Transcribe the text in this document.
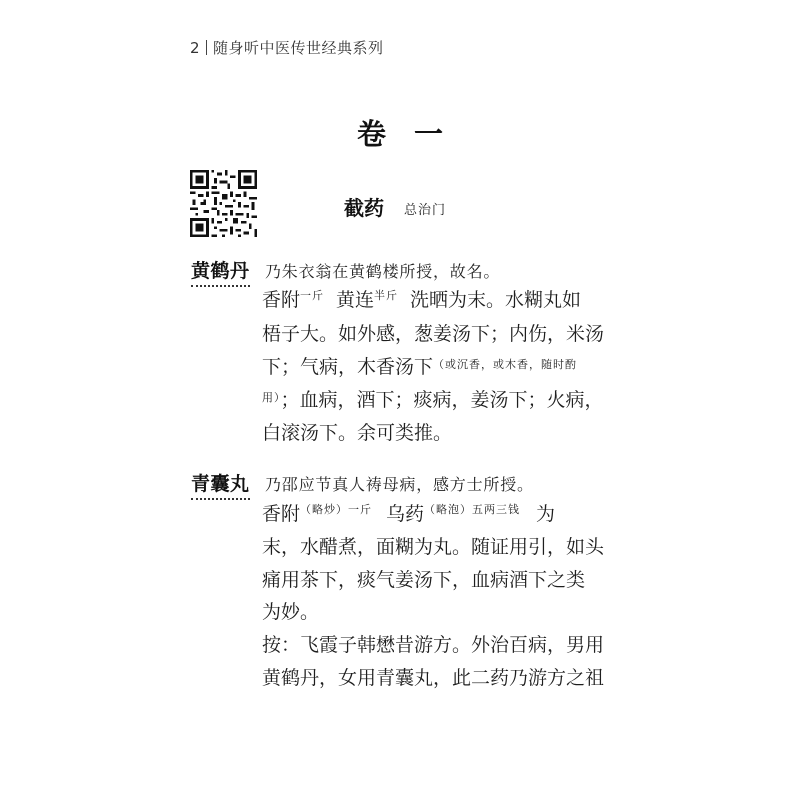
2 随身听中医传世经典系列
卷 一
截药 总治门
黄鹤丹 乃朱衣翁在黄鹤楼所授，故名。
香附$^{一斤}$ 黄连$^{半斤}$ 洗晒为末。水糊丸如
梧子大。如外感，葱姜汤下；内伤，米汤
下；气病，木香汤下$^{(或沉香,或木香,随时酌}$
$^{用)}$；血病，酒下；痰病，姜汤下；火病，
白滚汤下。余可类推。
青囊丸 乃邵应节真人祷母病，感方士所授。
香附$^{(略炒)一斤}$ 乌药$^{(略泡)五两三钱}$ 为
末，水醋煮，面糊为丸。随证用引，如头
痛用茶下，痰气姜汤下，血病酒下之类
为妙。
按：飞霞子韩懋昔游方。外治百病，男用
黄鹤丹，女用青囊丸，此二药乃游方之祖
